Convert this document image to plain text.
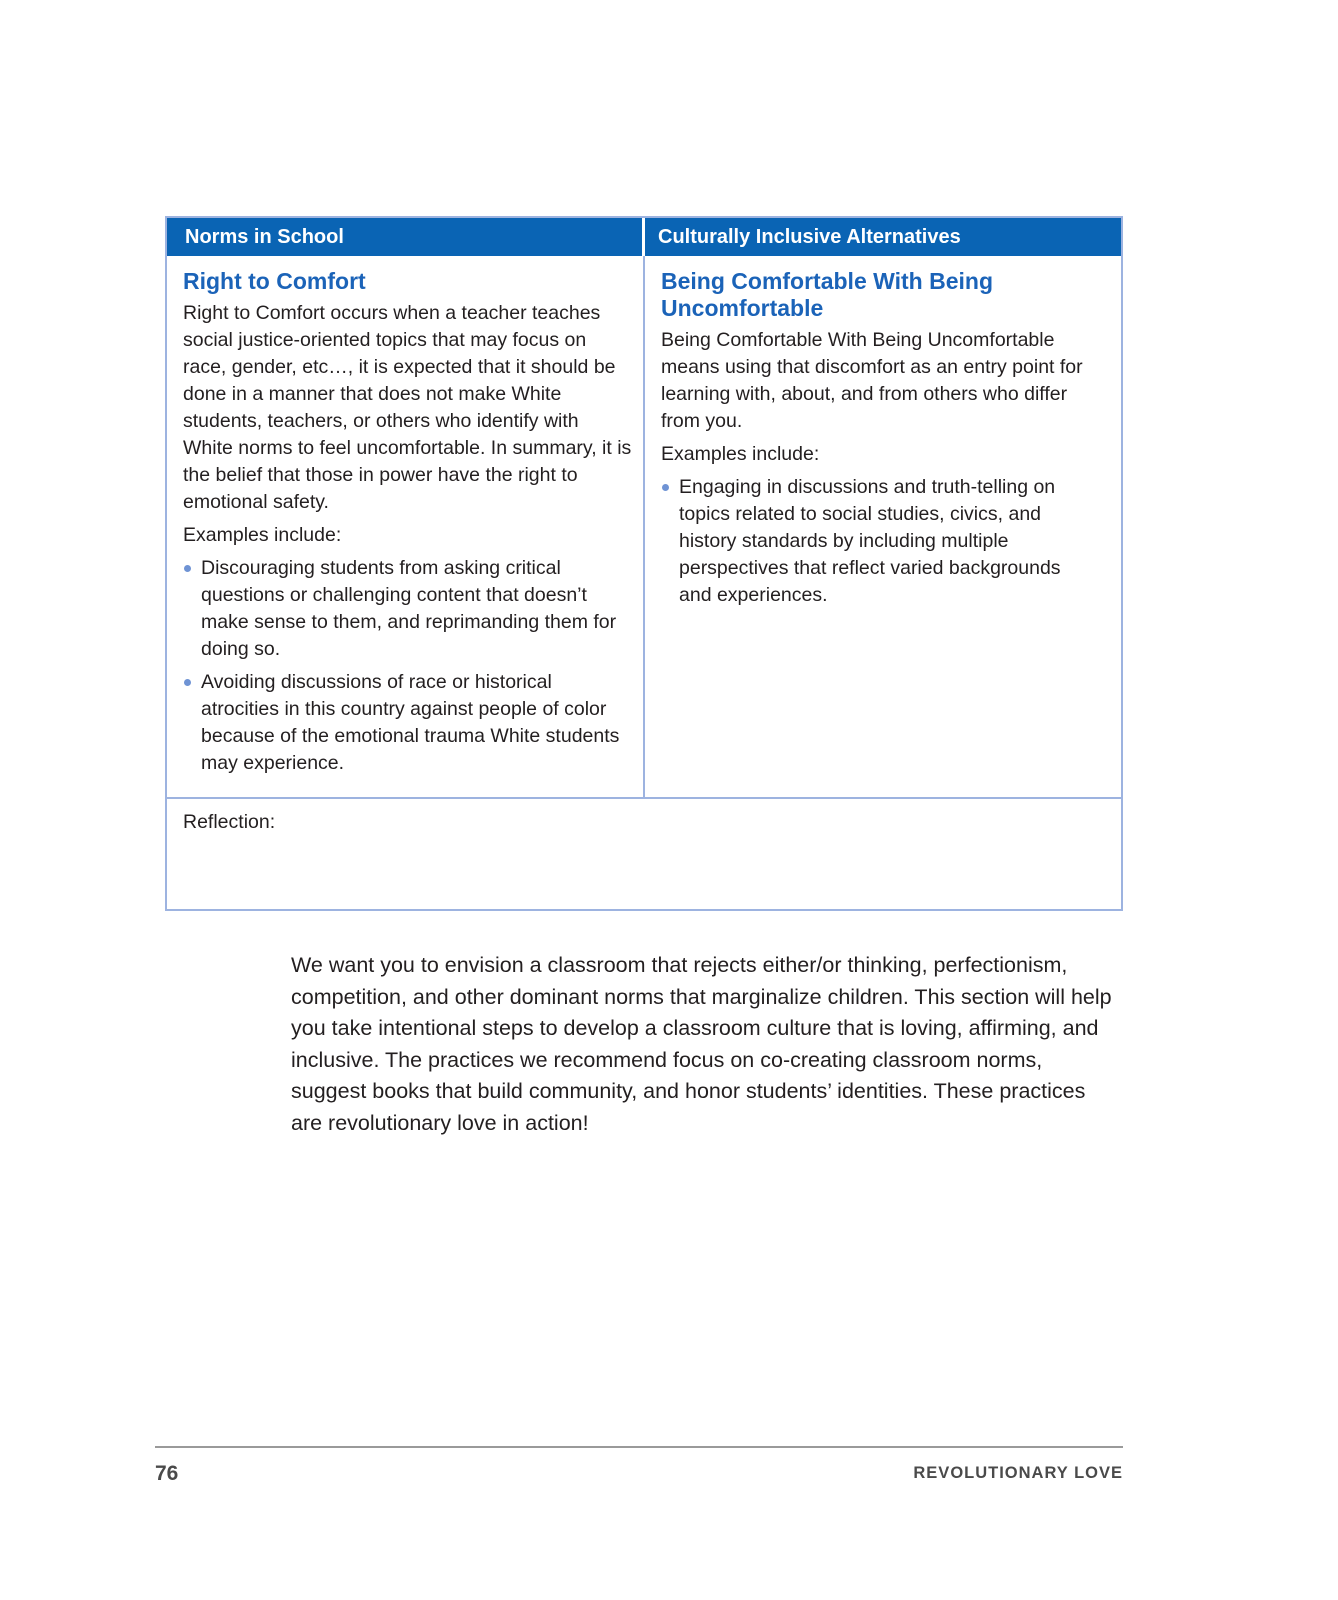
Norms in School	Culturally Inclusive Alternatives
Right to Comfort

Right to Comfort occurs when a teacher teaches social justice-oriented topics that may focus on race, gender, etc…, it is expected that it should be done in a manner that does not make White students, teachers, or others who identify with White norms to feel uncomfortable. In summary, it is the belief that those in power have the right to emotional safety.

Examples include:

Discouraging students from asking critical questions or challenging content that doesn’t make sense to them, and reprimanding them for doing so.
Avoiding discussions of race or historical atrocities in this country against people of color because of the emotional trauma White students may experience.
Being Comfortable With Being Uncomfortable

Being Comfortable With Being Uncomfortable means using that discomfort as an entry point for learning with, about, and from others who differ from you.

Examples include:

Engaging in discussions and truth-telling on topics related to social studies, civics, and history standards by including multiple perspectives that reflect varied backgrounds and experiences.
Reflection:

We want you to envision a classroom that rejects either/or thinking, perfectionism, competition, and other dominant norms that marginalize children. This section will help you take intentional steps to develop a classroom culture that is loving, affirming, and inclusive. The practices we recommend focus on co-creating classroom norms, suggest books that build community, and honor students’ identities. These practices are revolutionary love in action!

76	REVOLUTIONARY LOVE
